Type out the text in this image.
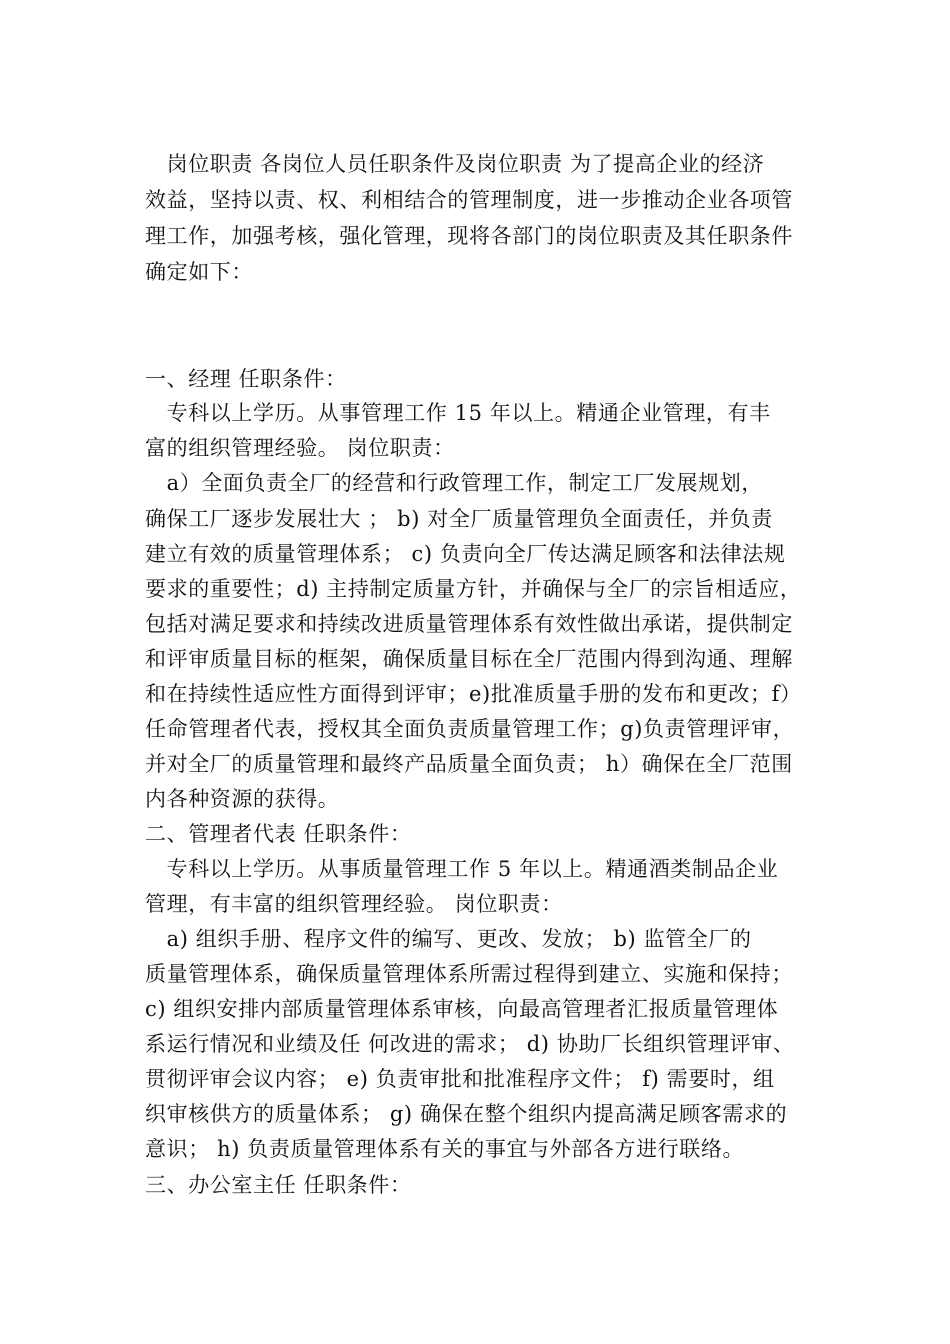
　岗位职责 各岗位人员任职条件及岗位职责 为了提高企业的经济
效益，坚持以责、权、利相结合的管理制度，进一步推动企业各项管
理工作，加强考核，强化管理，现将各部门的岗位职责及其任职条件
确定如下：
一、经理 任职条件：
　专科以上学历。从事管理工作 15 年以上。精通企业管理，有丰
富的组织管理经验。 岗位职责：
　a）全面负责全厂的经营和行政管理工作，制定工厂发展规划，
确保工厂逐步发展壮大 ； b) 对全厂质量管理负全面责任，并负责
建立有效的质量管理体系； c) 负责向全厂传达满足顾客和法律法规
要求的重要性；d) 主持制定质量方针，并确保与全厂的宗旨相适应，
包括对满足要求和持续改进质量管理体系有效性做出承诺，提供制定
和评审质量目标的框架，确保质量目标在全厂范围内得到沟通、理解
和在持续性适应性方面得到评审；e)批准质量手册的发布和更改；f）
任命管理者代表，授权其全面负责质量管理工作；g)负责管理评审，
并对全厂的质量管理和最终产品质量全面负责； h）确保在全厂范围
内各种资源的获得。
二、管理者代表 任职条件：
　专科以上学历。从事质量管理工作 5 年以上。精通酒类制品企业
管理，有丰富的组织管理经验。 岗位职责：
　a) 组织手册、程序文件的编写、更改、发放； b) 监管全厂的
质量管理体系，确保质量管理体系所需过程得到建立、实施和保持；
c) 组织安排内部质量管理体系审核，向最高管理者汇报质量管理体
系运行情况和业绩及任 何改进的需求； d) 协助厂长组织管理评审、
贯彻评审会议内容； e) 负责审批和批准程序文件； f) 需要时，组
织审核供方的质量体系； g) 确保在整个组织内提高满足顾客需求的
意识； h) 负责质量管理体系有关的事宜与外部各方进行联络。
三、办公室主任 任职条件：
